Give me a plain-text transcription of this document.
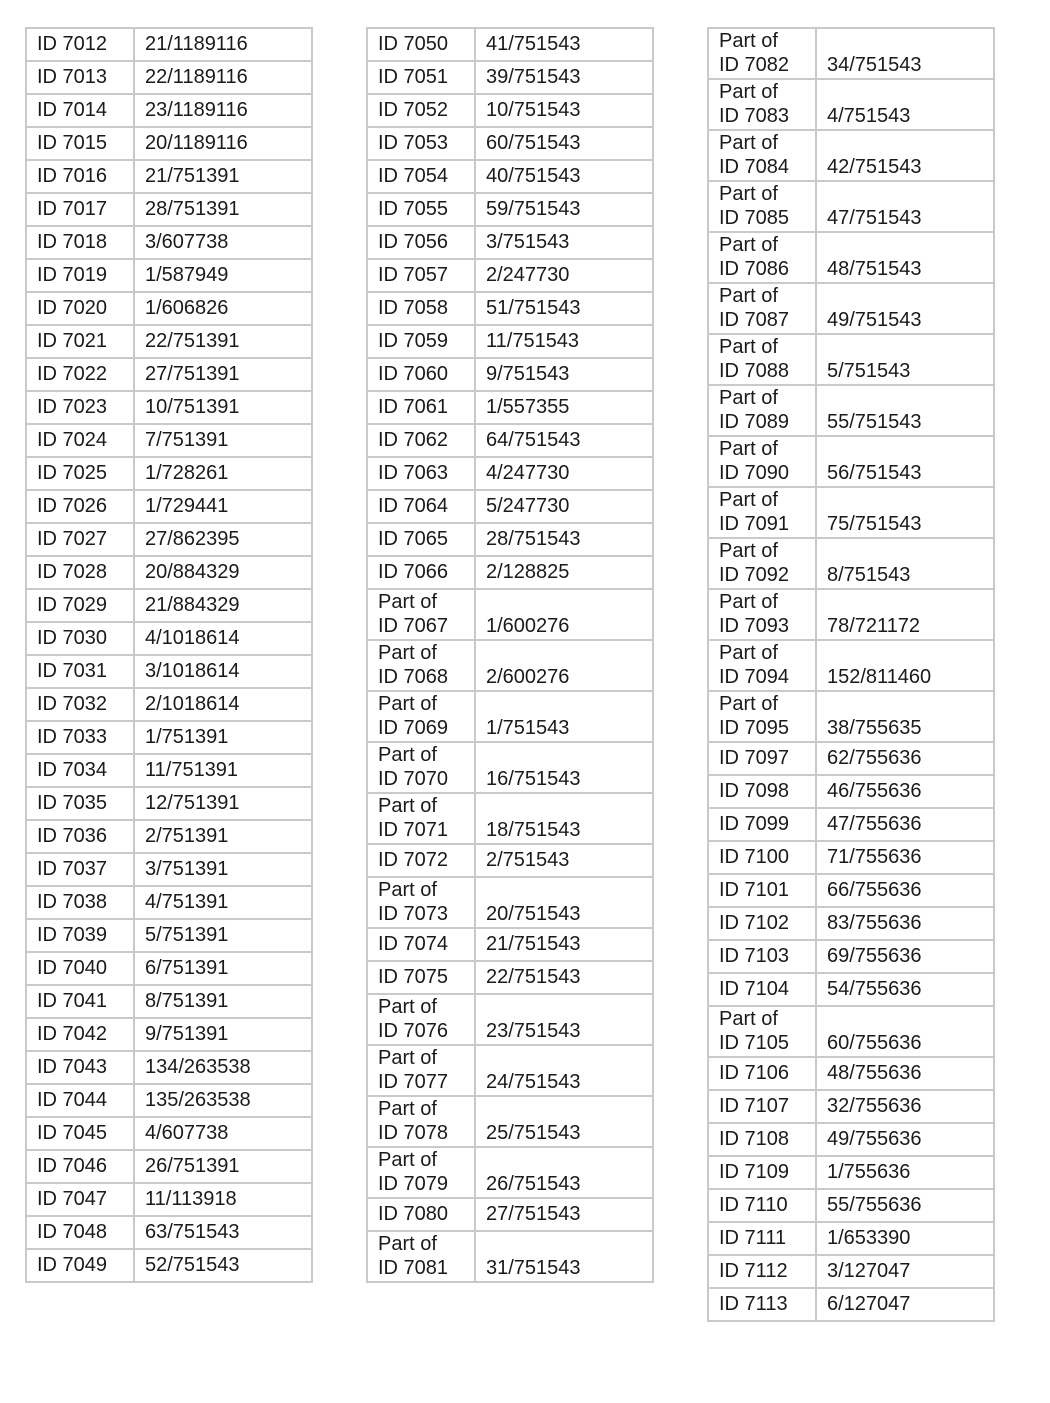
ID 7012	21/1189116

ID 7013	22/1189116

ID 7014	23/1189116

ID 7015	20/1189116

ID 7016	21/751391

ID 7017	28/751391

ID 7018	3/607738

ID 7019	1/587949

ID 7020	1/606826

ID 7021	22/751391

ID 7022	27/751391

ID 7023	10/751391

ID 7024	7/751391

ID 7025	1/728261

ID 7026	1/729441

ID 7027	27/862395

ID 7028	20/884329

ID 7029	21/884329

ID 7030	4/1018614

ID 7031	3/1018614

ID 7032	2/1018614

ID 7033	1/751391

ID 7034	11/751391

ID 7035	12/751391

ID 7036	2/751391

ID 7037	3/751391

ID 7038	4/751391

ID 7039	5/751391

ID 7040	6/751391

ID 7041	8/751391

ID 7042	9/751391

ID 7043	134/263538

ID 7044	135/263538

ID 7045	4/607738

ID 7046	26/751391

ID 7047	11/113918

ID 7048	63/751543

ID 7049	52/751543
ID 7050	41/751543

ID 7051	39/751543

ID 7052	10/751543

ID 7053	60/751543

ID 7054	40/751543

ID 7055	59/751543

ID 7056	3/751543

ID 7057	2/247730

ID 7058	51/751543

ID 7059	11/751543

ID 7060	9/751543

ID 7061	1/557355

ID 7062	64/751543

ID 7063	4/247730

ID 7064	5/247730

ID 7065	28/751543

ID 7066	2/128825

Part of
ID 7067	1/600276

Part of
ID 7068	2/600276

Part of
ID 7069	1/751543

Part of
ID 7070	16/751543

Part of
ID 7071	18/751543

ID 7072	2/751543

Part of
ID 7073	20/751543

ID 7074	21/751543

ID 7075	22/751543

Part of
ID 7076	23/751543

Part of
ID 7077	24/751543

Part of
ID 7078	25/751543

Part of
ID 7079	26/751543

ID 7080	27/751543

Part of
ID 7081	31/751543
Part of
ID 7082	34/751543

Part of
ID 7083	4/751543

Part of
ID 7084	42/751543

Part of
ID 7085	47/751543

Part of
ID 7086	48/751543

Part of
ID 7087	49/751543

Part of
ID 7088	5/751543

Part of
ID 7089	55/751543

Part of
ID 7090	56/751543

Part of
ID 7091	75/751543

Part of
ID 7092	8/751543

Part of
ID 7093	78/721172

Part of
ID 7094	152/811460

Part of
ID 7095	38/755635

ID 7097	62/755636

ID 7098	46/755636

ID 7099	47/755636

ID 7100	71/755636

ID 7101	66/755636

ID 7102	83/755636

ID 7103	69/755636

ID 7104	54/755636

Part of
ID 7105	60/755636

ID 7106	48/755636

ID 7107	32/755636

ID 7108	49/755636

ID 7109	1/755636

ID 7110	55/755636

ID 7111	1/653390

ID 7112	3/127047

ID 7113	6/127047
